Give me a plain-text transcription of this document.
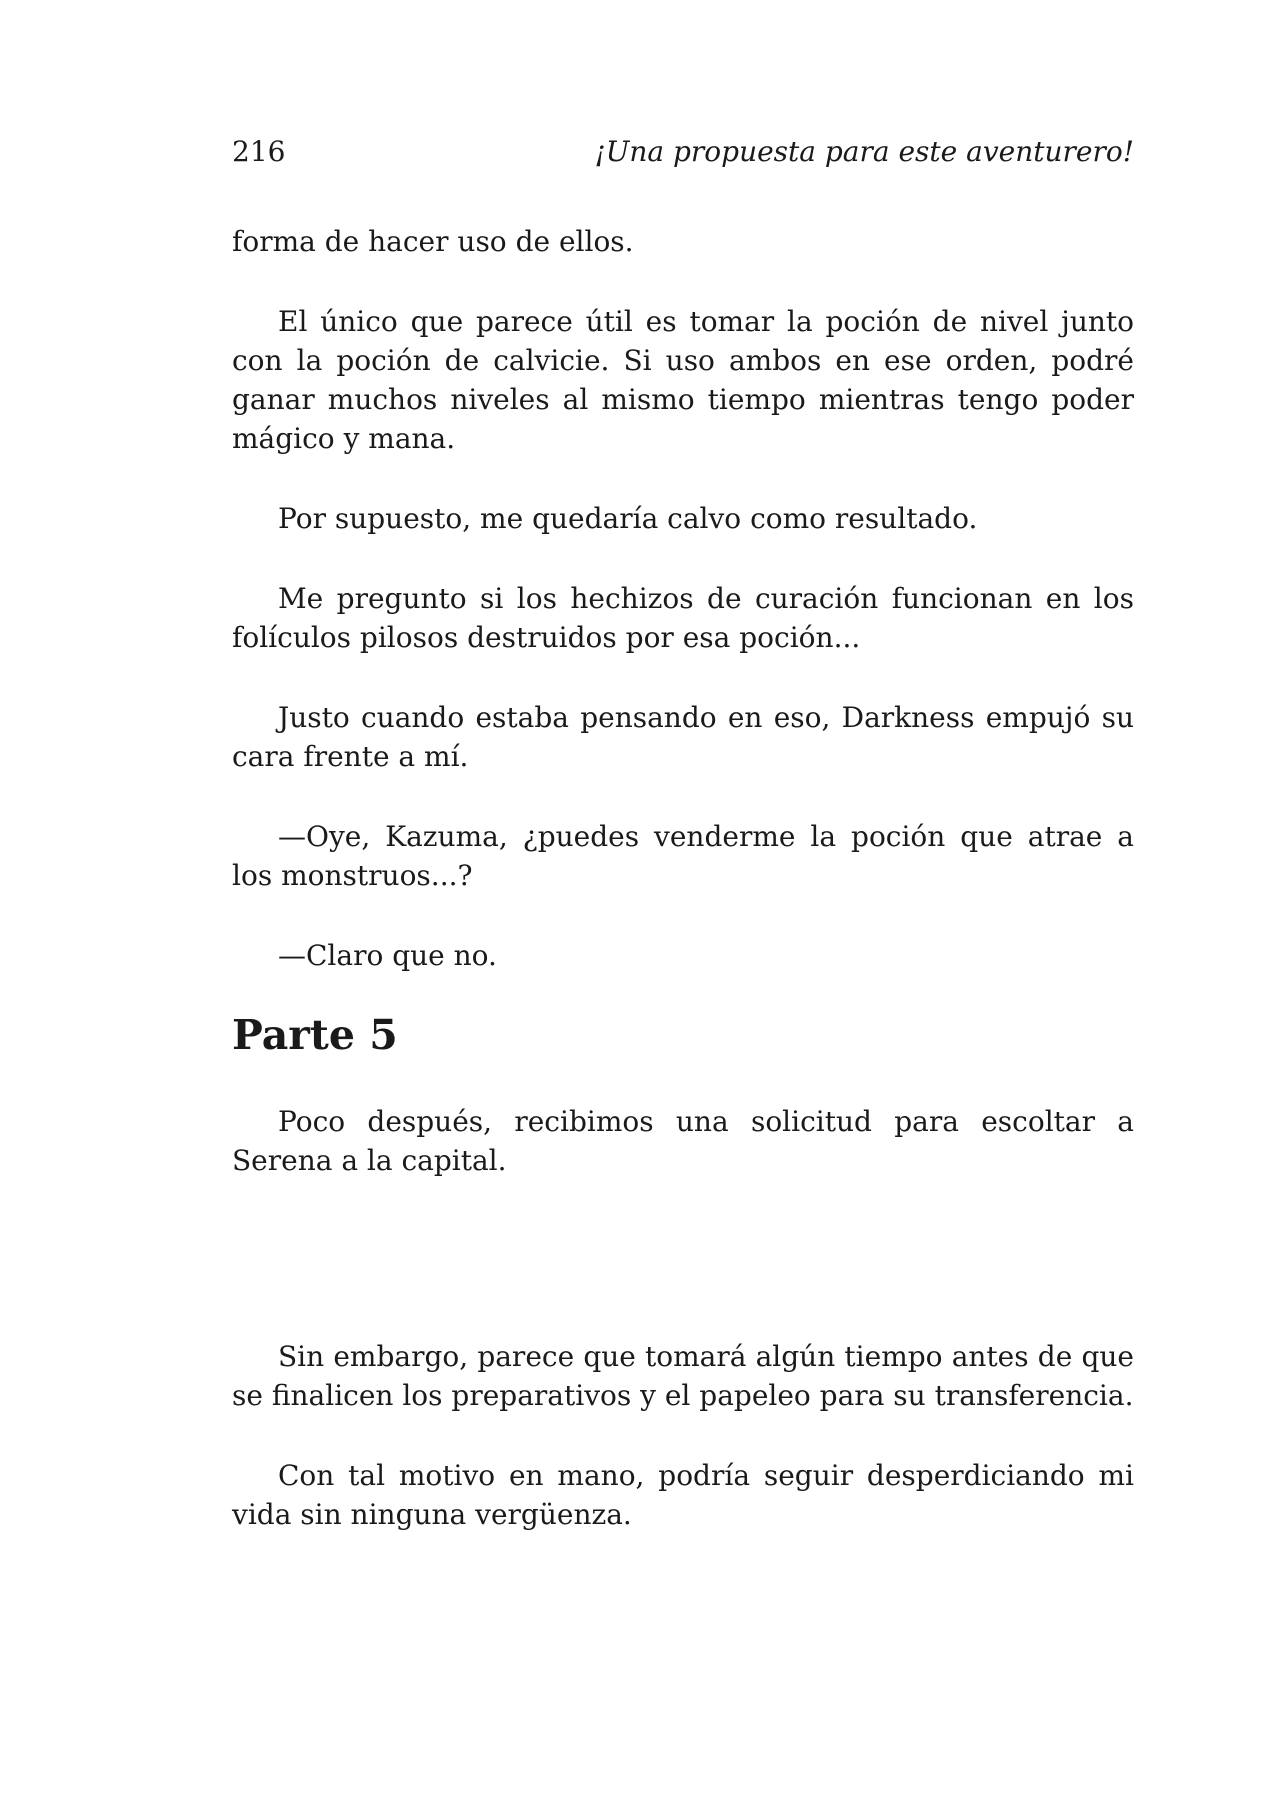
216	¡Una propuesta para este aventurero!

forma de hacer uso de ellos.

El único que parece útil es tomar la poción de nivel junto con la poción de calvicie. Si uso ambos en ese orden, podré ganar muchos niveles al mismo tiempo mientras tengo poder mágico y mana.

Por supuesto, me quedaría calvo como resultado.

Me pregunto si los hechizos de curación funcionan en los folículos pilosos destruidos por esa poción...

Justo cuando estaba pensando en eso, Darkness empujó su cara frente a mí.

—Oye, Kazuma, ¿puedes venderme la poción que atrae a los monstruos...?

—Claro que no.

Parte 5

Poco después, recibimos una solicitud para escoltar a Serena a la capital.

Sin embargo, parece que tomará algún tiempo antes de que se finalicen los preparativos y el papeleo para su transferencia.

Con tal motivo en mano, podría seguir desperdiciando mi vida sin ninguna vergüenza.
